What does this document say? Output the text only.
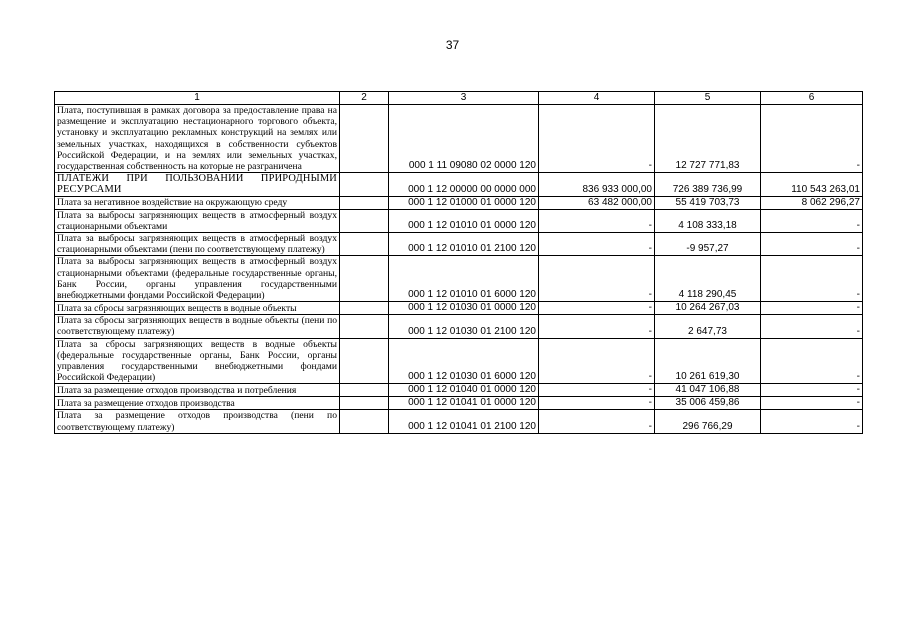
37
1	2	3	4	5	6

Плата, поступившая в рамках договора за предоставление права на размещение и эксплуатацию нестационарного торгового объекта, установку и эксплуатацию рекламных конструкций на землях или земельных участках, находящихся в собственности субъектов Российской Федерации, и на землях или земельных участках, государственная собственность на которые не разграничена		000 1 11 09080 02 0000 120	-	12 727 771,83	-

ПЛАТЕЖИ ПРИ ПОЛЬЗОВАНИИ ПРИРОДНЫМИ РЕСУРСАМИ		000 1 12 00000 00 0000 000	836 933 000,00	726 389 736,99	110 543 263,01

Плата за негативное воздействие на окружающую среду		000 1 12 01000 01 0000 120	63 482 000,00	55 419 703,73	8 062 296,27

Плата за выбросы загрязняющих веществ в атмосферный воздух стационарными объектами		000 1 12 01010 01 0000 120	-	4 108 333,18	-

Плата за выбросы загрязняющих веществ в атмосферный воздух стационарными объектами (пени по соответствующему платежу)		000 1 12 01010 01 2100 120	-	-9 957,27	-

Плата за выбросы загрязняющих веществ в атмосферный воздух стационарными объектами (федеральные государственные органы, Банк России, органы управления государственными внебюджетными фондами Российской Федерации)		000 1 12 01010 01 6000 120	-	4 118 290,45	-

Плата за сбросы загрязняющих веществ в водные объекты		000 1 12 01030 01 0000 120	-	10 264 267,03	-

Плата за сбросы загрязняющих веществ в водные объекты (пени по соответствующему платежу)		000 1 12 01030 01 2100 120	-	2 647,73	-

Плата за сбросы загрязняющих веществ в водные объекты (федеральные государственные органы, Банк России, органы управления государственными внебюджетными фондами Российской Федерации)		000 1 12 01030 01 6000 120	-	10 261 619,30	-

Плата за размещение отходов производства и потребления		000 1 12 01040 01 0000 120	-	41 047 106,88	-

Плата за размещение отходов производства		000 1 12 01041 01 0000 120	-	35 006 459,86	-

Плата за размещение отходов производства (пени по соответствующему платежу)		000 1 12 01041 01 2100 120	-	296 766,29	-
